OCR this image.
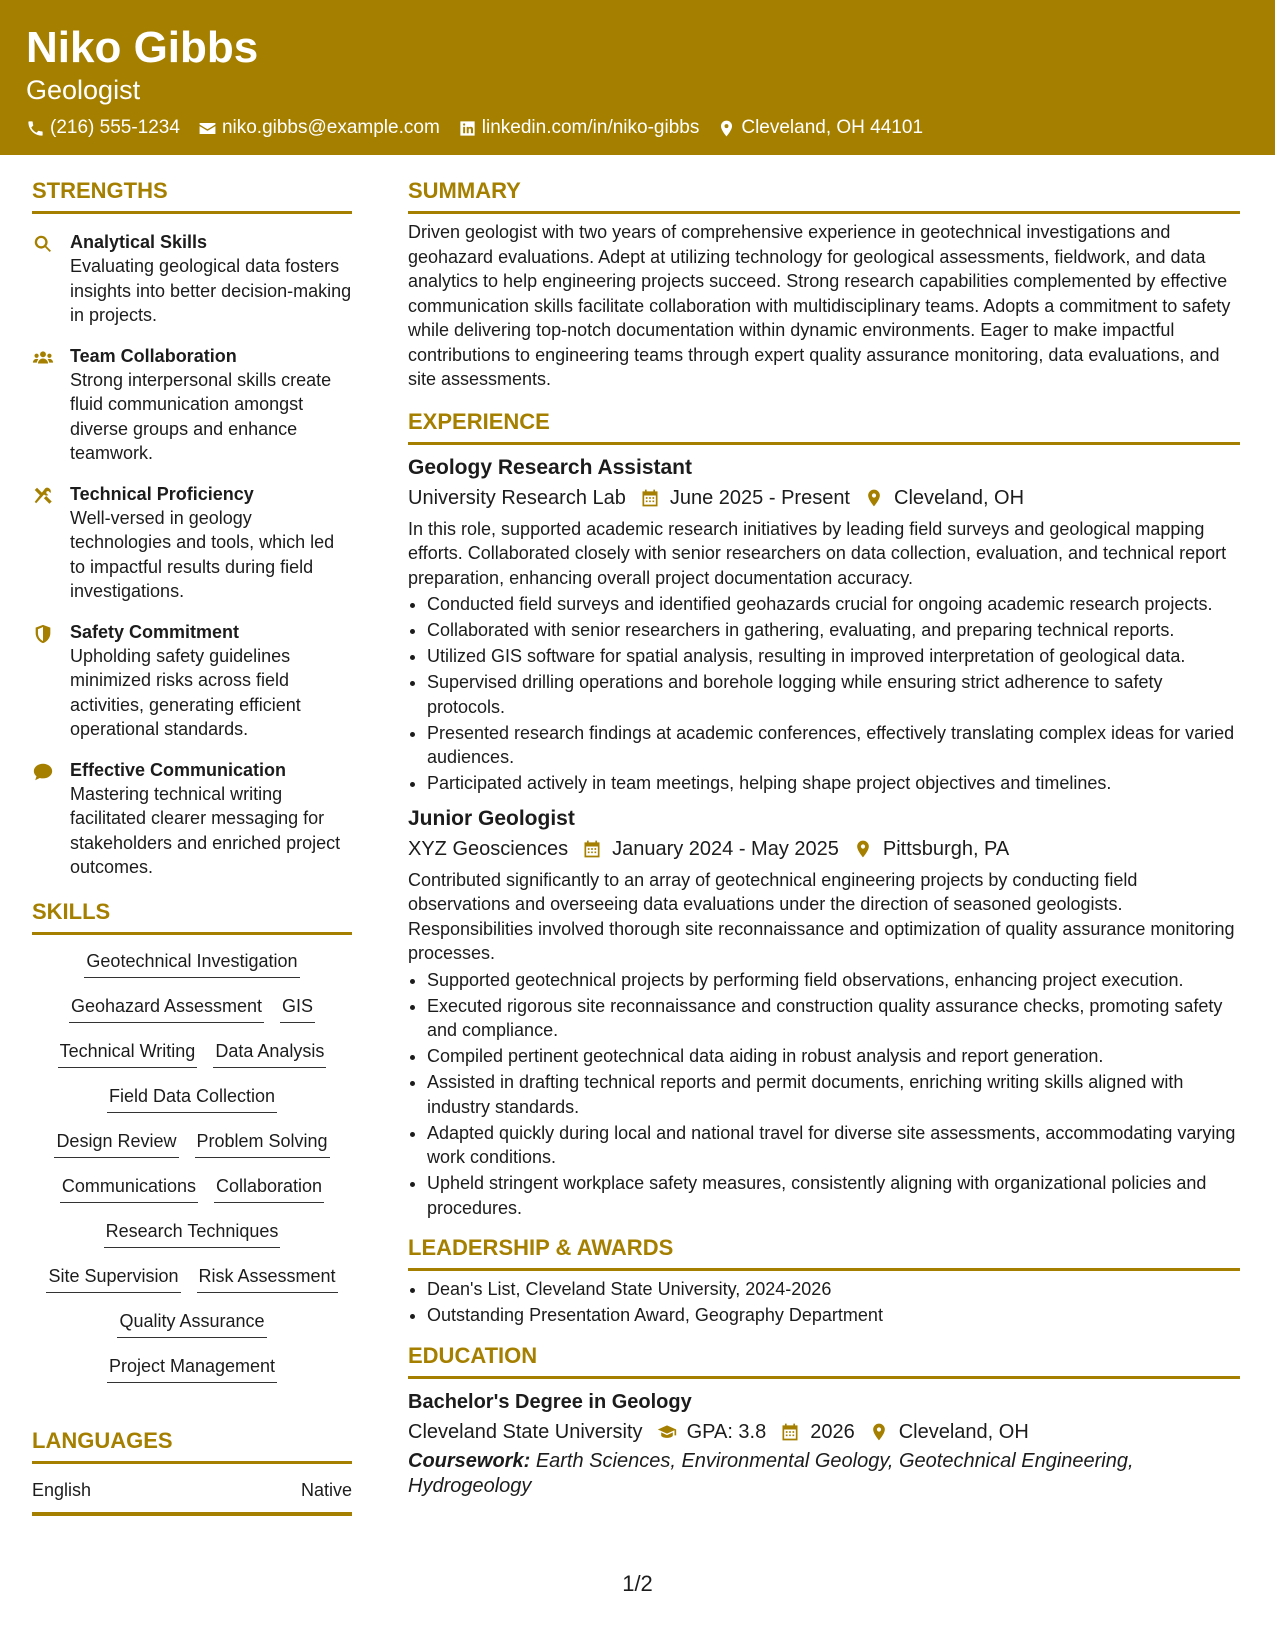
Niko Gibbs
Geologist
(216) 555-1234 niko.gibbs@example.com linkedin.com/in/niko-gibbs Cleveland, OH 44101
STRENGTHS
Analytical Skills
Evaluating geological data fosters insights into better decision-making in projects.
Team Collaboration
Strong interpersonal skills create fluid communication amongst diverse groups and enhance teamwork.
Technical Proficiency
Well-versed in geology technologies and tools, which led to impactful results during field investigations.
Safety Commitment
Upholding safety guidelines minimized risks across field activities, generating efficient operational standards.
Effective Communication
Mastering technical writing facilitated clearer messaging for stakeholders and enriched project outcomes.
SKILLS
Geotechnical Investigation
Geohazard Assessment GIS
Technical Writing Data Analysis
Field Data Collection
Design Review Problem Solving
Communications Collaboration
Research Techniques
Site Supervision Risk Assessment
Quality Assurance
Project Management
LANGUAGES
English	Native
SUMMARY
Driven geologist with two years of comprehensive experience in geotechnical investigations and geohazard evaluations. Adept at utilizing technology for geological assessments, fieldwork, and data analytics to help engineering projects succeed. Strong research capabilities complemented by effective communication skills facilitate collaboration with multidisciplinary teams. Adopts a commitment to safety while delivering top-notch documentation within dynamic environments. Eager to make impactful contributions to engineering teams through expert quality assurance monitoring, data evaluations, and site assessments.
EXPERIENCE
Geology Research Assistant
University Research Lab June 2025 - Present Cleveland, OH
In this role, supported academic research initiatives by leading field surveys and geological mapping efforts. Collaborated closely with senior researchers on data collection, evaluation, and technical report preparation, enhancing overall project documentation accuracy.
• Conducted field surveys and identified geohazards crucial for ongoing academic research projects.
• Collaborated with senior researchers in gathering, evaluating, and preparing technical reports.
• Utilized GIS software for spatial analysis, resulting in improved interpretation of geological data.
• Supervised drilling operations and borehole logging while ensuring strict adherence to safety protocols.
• Presented research findings at academic conferences, effectively translating complex ideas for varied audiences.
• Participated actively in team meetings, helping shape project objectives and timelines.
Junior Geologist
XYZ Geosciences January 2024 - May 2025 Pittsburgh, PA
Contributed significantly to an array of geotechnical engineering projects by conducting field observations and overseeing data evaluations under the direction of seasoned geologists. Responsibilities involved thorough site reconnaissance and optimization of quality assurance monitoring processes.
• Supported geotechnical projects by performing field observations, enhancing project execution.
• Executed rigorous site reconnaissance and construction quality assurance checks, promoting safety and compliance.
• Compiled pertinent geotechnical data aiding in robust analysis and report generation.
• Assisted in drafting technical reports and permit documents, enriching writing skills aligned with industry standards.
• Adapted quickly during local and national travel for diverse site assessments, accommodating varying work conditions.
• Upheld stringent workplace safety measures, consistently aligning with organizational policies and procedures.
LEADERSHIP & AWARDS
• Dean's List, Cleveland State University, 2024-2026
• Outstanding Presentation Award, Geography Department
EDUCATION
Bachelor's Degree in Geology
Cleveland State University GPA: 3.8 2026 Cleveland, OH
Coursework: Earth Sciences, Environmental Geology, Geotechnical Engineering, Hydrogeology
1/2
